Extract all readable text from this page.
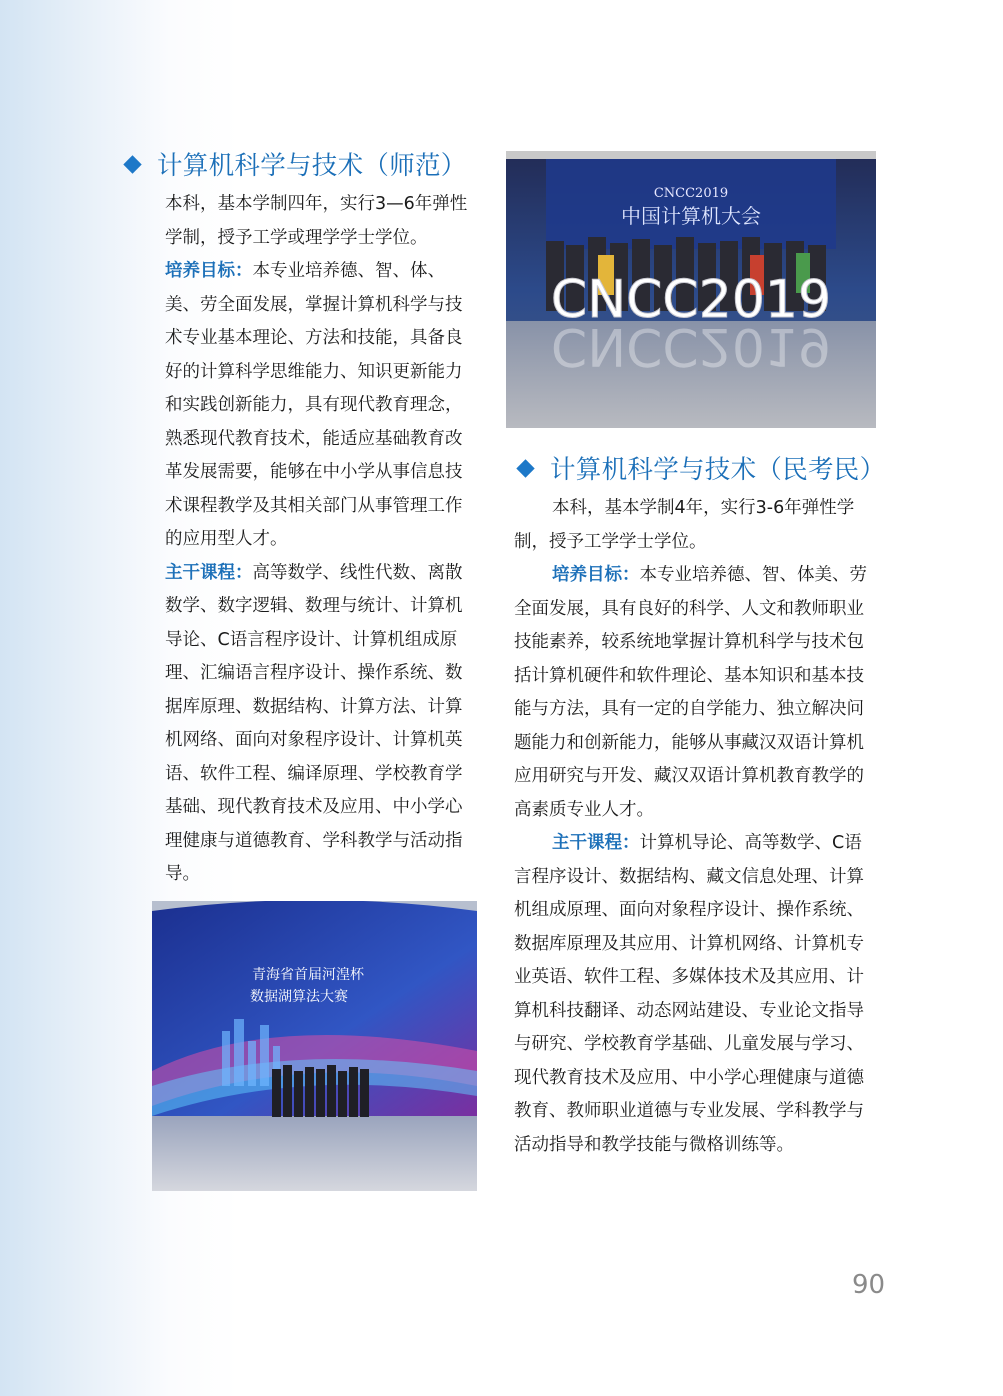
计算机科学与技术（师范）

本科，基本学制四年，实行3—6年弹性学制，授予工学或理学学士学位。

培养目标：本专业培养德、智、体、美、劳全面发展，掌握计算机科学与技术专业基本理论、方法和技能，具备良好的计算科学思维能力、知识更新能力和实践创新能力，具有现代教育理念，熟悉现代教育技术，能适应基础教育改革发展需要，能够在中小学从事信息技术课程教学及其相关部门从事管理工作的应用型人才。

主干课程：高等数学、线性代数、离散数学、数字逻辑、数理与统计、计算机导论、C语言程序设计、计算机组成原理、汇编语言程序设计、操作系统、数据库原理、数据结构、计算方法、计算机网络、面向对象程序设计、计算机英语、软件工程、编译原理、学校教育学基础、现代教育技术及应用、中小学心理健康与道德教育、学科教学与活动指导。

计算机科学与技术（民考民）

本科，基本学制4年，实行3-6年弹性学制，授予工学学士学位。

培养目标：本专业培养德、智、体美、劳全面发展，具有良好的科学、人文和教师职业技能素养，较系统地掌握计算机科学与技术包括计算机硬件和软件理论、基本知识和基本技能与方法，具有一定的自学能力、独立解决问题能力和创新能力，能够从事藏汉双语计算机应用研究与开发、藏汉双语计算机教育教学的高素质专业人才。

主干课程：计算机导论、高等数学、C语言程序设计、数据结构、藏文信息处理、计算机组成原理、面向对象程序设计、操作系统、数据库原理及其应用、计算机网络、计算机专业英语、软件工程、多媒体技术及其应用、计算机科技翻译、动态网站建设、专业论文指导与研究、学校教育学基础、儿童发展与学习、现代教育技术及应用、中小学心理健康与道德教育、教师职业道德与专业发展、学科教学与活动指导和教学技能与微格训练等。

CNCC2019
中国计算机大会
CNCC2019
CNCC2019
青海省首届河湟杯
数据湖算法大赛
90
